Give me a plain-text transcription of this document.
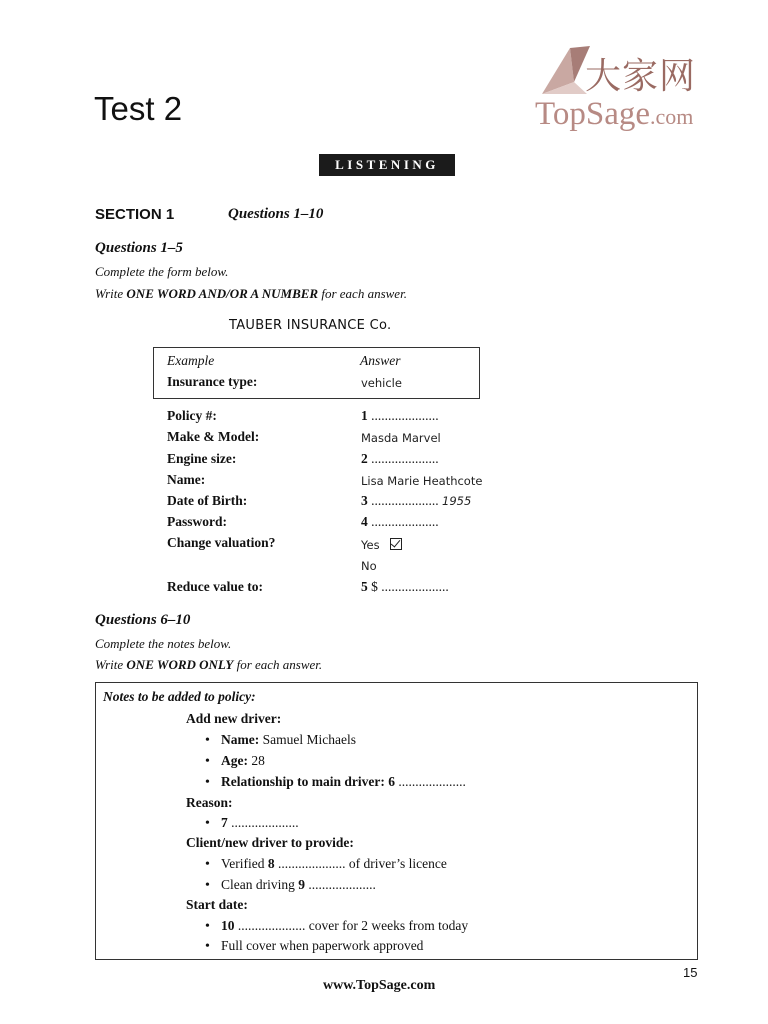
Test 2
大家网
TopSage.com
LISTENING
SECTION 1	Questions 1–10
Questions 1–5
Complete the form below.
Write ONE WORD AND/OR A NUMBER for each answer.
TAUBER INSURANCE Co.
Example	Answer
Insurance type:	vehicle
Policy #:	1 ....................
Make & Model:	Masda Marvel
Engine size:	2 ....................
Name:	Lisa Marie Heathcote
Date of Birth:	3 .................... 1955
Password:	4 ....................
Change valuation?	Yes
No
Reduce value to:	5 $ ....................
Questions 6–10
Complete the notes below.
Write ONE WORD ONLY for each answer.
Notes to be added to policy:
Add new driver:
• Name: Samuel Michaels
• Age: 28
• Relationship to main driver: 6 ....................
Reason:
• 7 ....................
Client/new driver to provide:
• Verified 8 .................... of driver’s licence
• Clean driving 9 ....................
Start date:
• 10 .................... cover for 2 weeks from today
• Full cover when paperwork approved
15
www.TopSage.com
